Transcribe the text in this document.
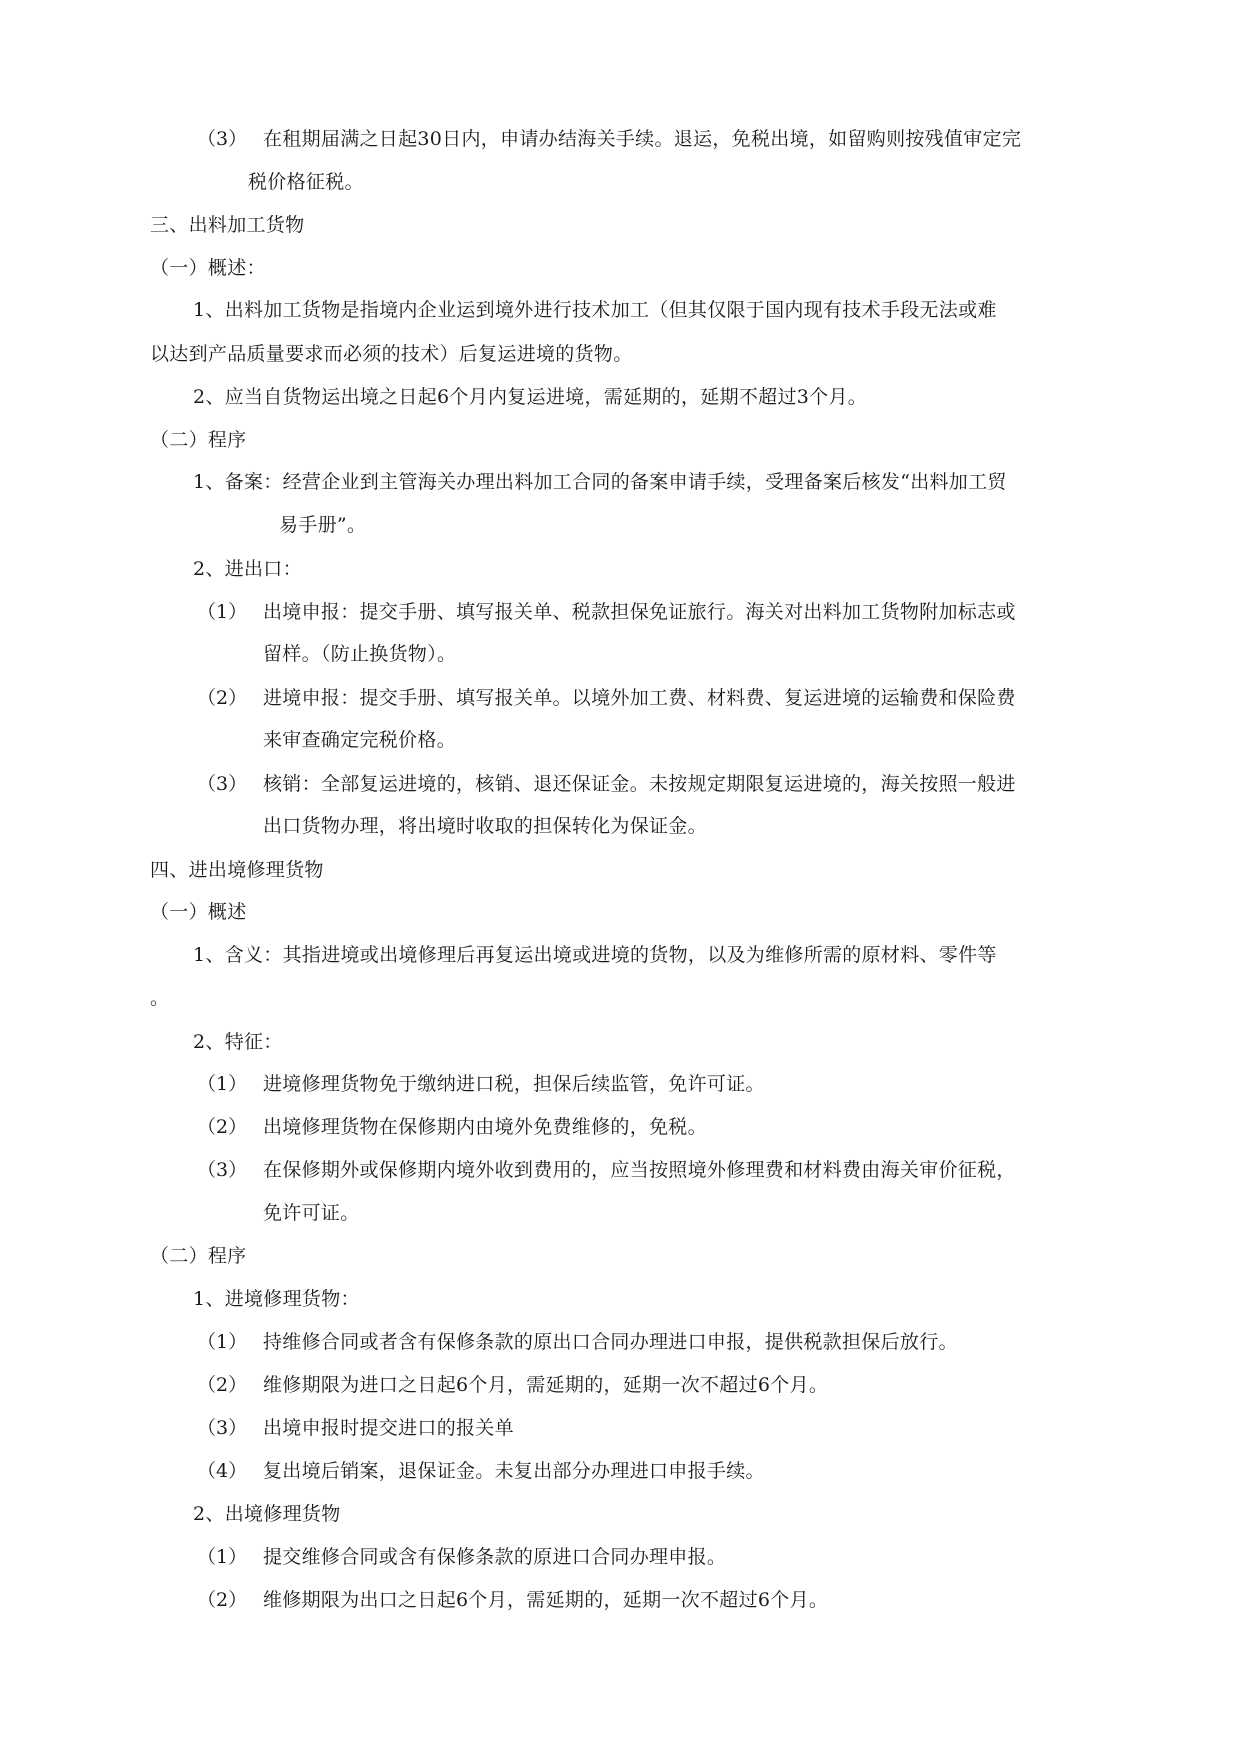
（3） 在租期届满之日起30日内，申请办结海关手续。退运，免税出境，如留购则按残值审定完
税价格征税。
三、出料加工货物
（一）概述：
1、出料加工货物是指境内企业运到境外进行技术加工（但其仅限于国内现有技术手段无法或难
以达到产品质量要求而必须的技术）后复运进境的货物。
2、应当自货物运出境之日起6个月内复运进境，需延期的，延期不超过3个月。
（二）程序
1、备案：经营企业到主管海关办理出料加工合同的备案申请手续，受理备案后核发“出料加工贸
易手册”。
2、进出口：
（1） 出境申报：提交手册、填写报关单、税款担保免证旅行。海关对出料加工货物附加标志或
留样。（防止换货物）。
（2） 进境申报：提交手册、填写报关单。以境外加工费、材料费、复运进境的运输费和保险费
来审查确定完税价格。
（3） 核销：全部复运进境的，核销、退还保证金。未按规定期限复运进境的，海关按照一般进
出口货物办理，将出境时收取的担保转化为保证金。
四、进出境修理货物
（一）概述
1、含义：其指进境或出境修理后再复运出境或进境的货物，以及为维修所需的原材料、零件等
。
2、特征：
（1） 进境修理货物免于缴纳进口税，担保后续监管，免许可证。
（2） 出境修理货物在保修期内由境外免费维修的，免税。
（3） 在保修期外或保修期内境外收到费用的，应当按照境外修理费和材料费由海关审价征税，
免许可证。
（二）程序
1、进境修理货物：
（1） 持维修合同或者含有保修条款的原出口合同办理进口申报，提供税款担保后放行。
（2） 维修期限为进口之日起6个月，需延期的，延期一次不超过6个月。
（3） 出境申报时提交进口的报关单
（4） 复出境后销案，退保证金。未复出部分办理进口申报手续。
2、出境修理货物
（1） 提交维修合同或含有保修条款的原进口合同办理申报。
（2） 维修期限为出口之日起6个月，需延期的，延期一次不超过6个月。
